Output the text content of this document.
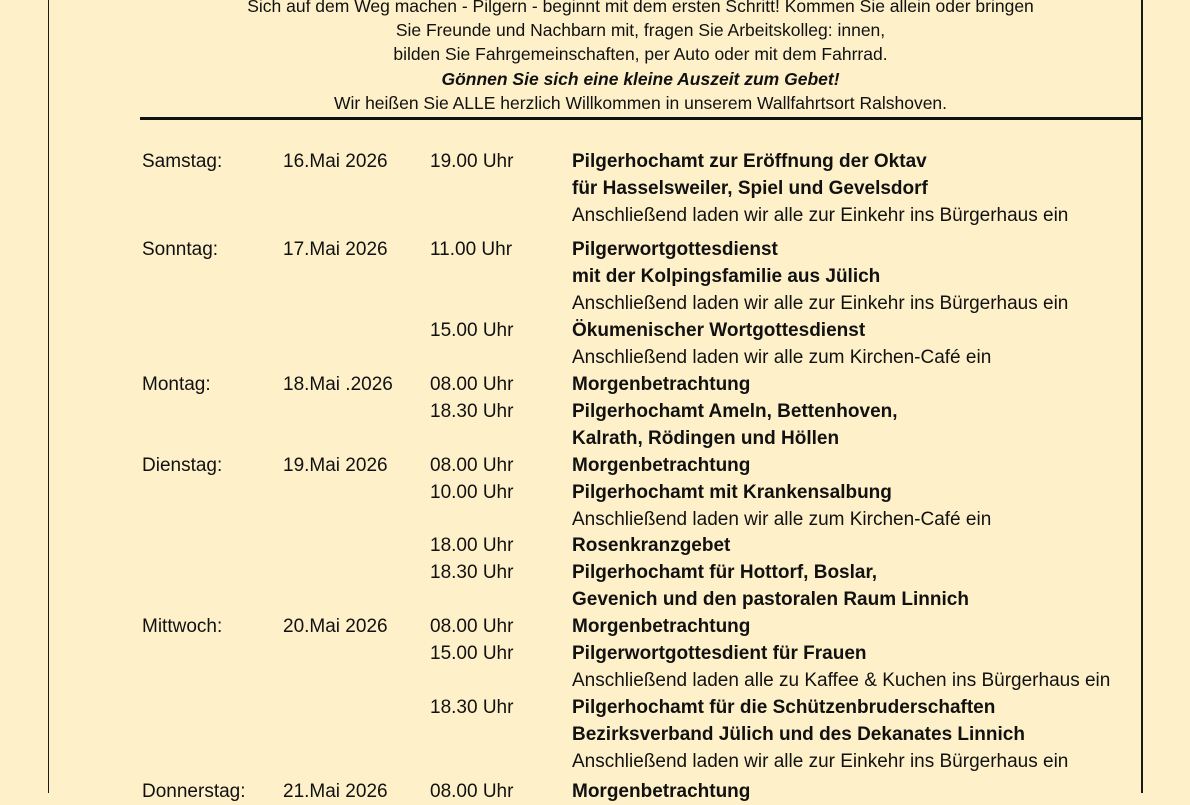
Sich auf dem Weg machen - Pilgern - beginnt mit dem ersten Schritt! Kommen Sie allein oder bringen
Sie Freunde und Nachbarn mit, fragen Sie Arbeitskolleg: innen,
bilden Sie Fahrgemeinschaften, per Auto oder mit dem Fahrrad.
Gönnen Sie sich eine kleine Auszeit zum Gebet!
Wir heißen Sie ALLE herzlich Willkommen in unserem Wallfahrtsort Ralshoven.
Samstag:	16.Mai 2026 19.00 Uhr	Pilgerhochamt zur Eröffnung der Oktav
für Hasselsweiler, Spiel und Gevelsdorf
Anschließend laden wir alle zur Einkehr ins Bürgerhaus ein
Sonntag:	17.Mai 2026 11.00 Uhr	Pilgerwortgottesdienst
mit der Kolpingsfamilie aus Jülich
Anschließend laden wir alle zur Einkehr ins Bürgerhaus ein
15.00 Uhr	Ökumenischer Wortgottesdienst
Anschließend laden wir alle zum Kirchen-Café ein
Montag:	18.Mai .2026 08.00 Uhr	Morgenbetrachtung
18.30 Uhr	Pilgerhochamt Ameln, Bettenhoven,
Kalrath, Rödingen und Höllen
Dienstag:	19.Mai 2026 08.00 Uhr	Morgenbetrachtung
10.00 Uhr	Pilgerhochamt mit Krankensalbung
Anschließend laden wir alle zum Kirchen-Café ein
18.00 Uhr	Rosenkranzgebet
18.30 Uhr	Pilgerhochamt für Hottorf, Boslar,
Gevenich und den pastoralen Raum Linnich
Mittwoch:	20.Mai 2026 08.00 Uhr	Morgenbetrachtung
15.00 Uhr	Pilgerwortgottesdient für Frauen
Anschließend laden alle zu Kaffee & Kuchen ins Bürgerhaus ein
18.30 Uhr	Pilgerhochamt für die Schützenbruderschaften
Bezirksverband Jülich und des Dekanates Linnich
Anschließend laden wir alle zur Einkehr ins Bürgerhaus ein
Donnerstag: 21.Mai 2026 08.00 Uhr	Morgenbetrachtung
